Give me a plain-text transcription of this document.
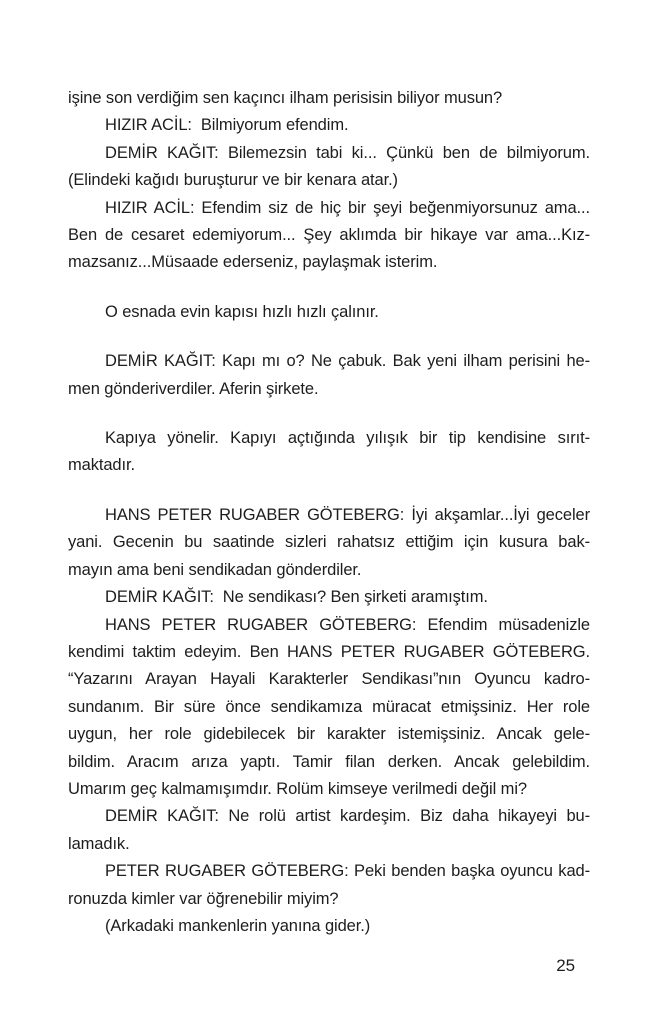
işine son verdiğim sen kaçıncı ilham perisisin biliyor musun?

HIZIR ACİL:  Bilmiyorum efendim.

DEMİR KAĞIT: Bilemezsin tabi ki... Çünkü ben de bilmiyorum.

(Elindeki kağıdı buruşturur ve bir kenara atar.)

HIZIR ACİL: Efendim siz de hiç bir şeyi beğenmiyorsunuz ama...

Ben de cesaret edemiyorum... Şey aklımda bir hikaye var ama...Kız-

mazsanız...Müsaade ederseniz, paylaşmak isterim.

O esnada evin kapısı hızlı hızlı çalınır.

DEMİR KAĞIT: Kapı mı o? Ne çabuk. Bak yeni ilham perisini he-

men gönderiverdiler. Aferin şirkete.

Kapıya yönelir. Kapıyı açtığında yılışık bir tip kendisine sırıt-

maktadır.

HANS PETER RUGABER GÖTEBERG: İyi akşamlar...İyi geceler

yani. Gecenin bu saatinde sizleri rahatsız ettiğim için kusura bak-

mayın ama beni sendikadan gönderdiler.

DEMİR KAĞIT:  Ne sendikası? Ben şirketi aramıştım.

HANS PETER RUGABER GÖTEBERG: Efendim müsadenizle

kendimi taktim edeyim. Ben HANS PETER RUGABER GÖTEBERG.

“Yazarını Arayan Hayali Karakterler Sendikası”nın Oyuncu kadro-

sundanım. Bir süre önce sendikamıza müracat etmişsiniz. Her role

uygun, her role gidebilecek bir karakter istemişsiniz. Ancak gele-

bildim. Aracım arıza yaptı. Tamir filan derken. Ancak gelebildim.

Umarım geç kalmamışımdır. Rolüm kimseye verilmedi değil mi?

DEMİR KAĞIT: Ne rolü artist kardeşim. Biz daha hikayeyi bu-

lamadık.

PETER RUGABER GÖTEBERG: Peki benden başka oyuncu kad-

ronuzda kimler var öğrenebilir miyim?

(Arkadaki mankenlerin yanına gider.)

25
